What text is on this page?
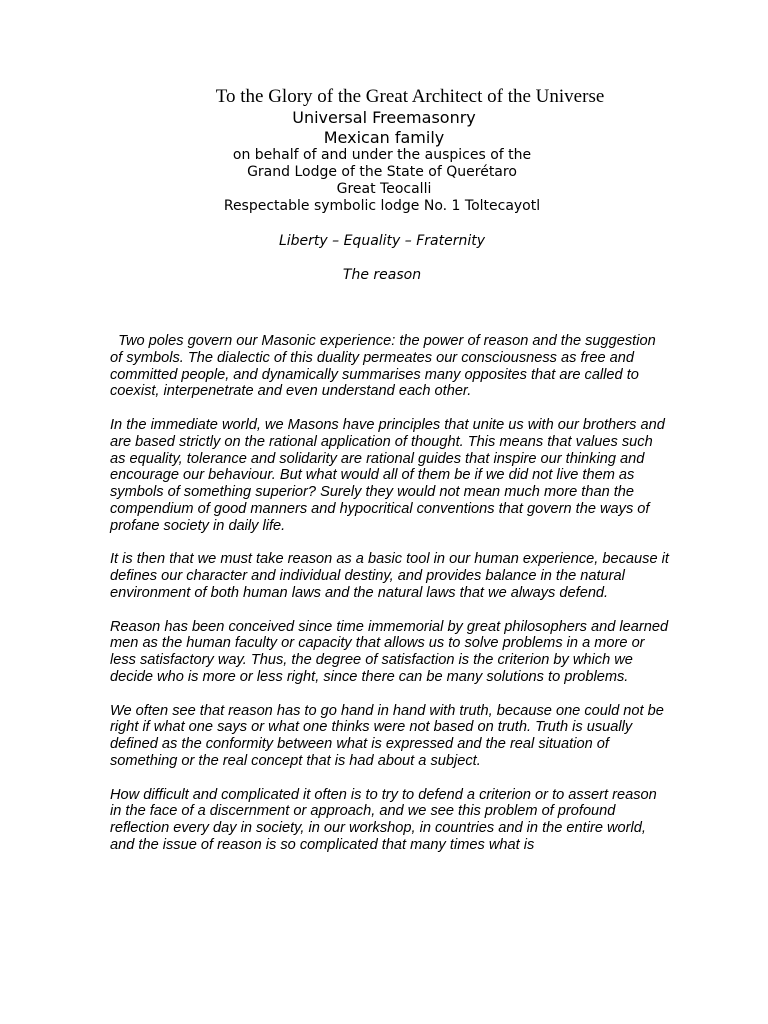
To the Glory of the Great Architect of the Universe
Universal Freemasonry
Mexican family
on behalf of and under the auspices of the
Grand Lodge of the State of Querétaro
Great Teocalli
Respectable symbolic lodge No. 1 Toltecayotl
Liberty – Equality – Fraternity
The reason

Two poles govern our Masonic experience: the power of reason and the suggestion of symbols. The dialectic of this duality permeates our consciousness as free and committed people, and dynamically summarises many opposites that are called to coexist, interpenetrate and even understand each other.

In the immediate world, we Masons have principles that unite us with our brothers and are based strictly on the rational application of thought. This means that values such as equality, tolerance and solidarity are rational guides that inspire our thinking and encourage our behaviour. But what would all of them be if we did not live them as symbols of something superior? Surely they would not mean much more than the compendium of good manners and hypocritical conventions that govern the ways of profane society in daily life.

It is then that we must take reason as a basic tool in our human experience, because it defines our character and individual destiny, and provides balance in the natural environment of both human laws and the natural laws that we always defend.

Reason has been conceived since time immemorial by great philosophers and learned men as the human faculty or capacity that allows us to solve problems in a more or less satisfactory way. Thus, the degree of satisfaction is the criterion by which we decide who is more or less right, since there can be many solutions to problems.

We often see that reason has to go hand in hand with truth, because one could not be right if what one says or what one thinks were not based on truth. Truth is usually defined as the conformity between what is expressed and the real situation of something or the real concept that is had about a subject.

How difficult and complicated it often is to try to defend a criterion or to assert reason in the face of a discernment or approach, and we see this problem of profound reflection every day in society, in our workshop, in countries and in the entire world, and the issue of reason is so complicated that many times what is
